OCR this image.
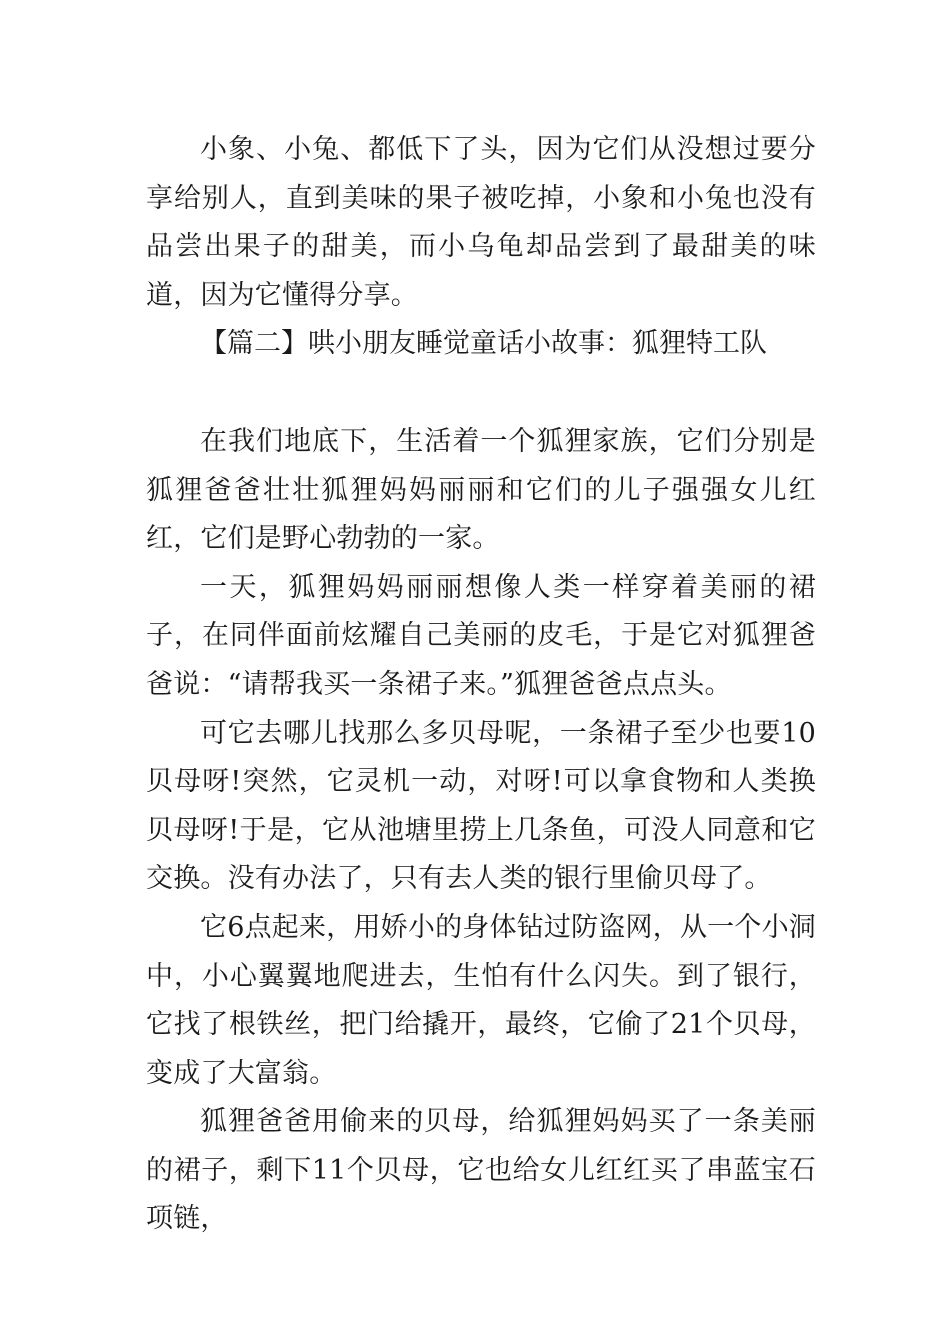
小象、小兔、都低下了头，因为它们从没想过要分享给别人，直到美味的果子被吃掉，小象和小兔也没有品尝出果子的甜美，而小乌龟却品尝到了最甜美的味道，因为它懂得分享。

【篇二】哄小朋友睡觉童话小故事：狐狸特工队

在我们地底下，生活着一个狐狸家族，它们分别是狐狸爸爸壮壮狐狸妈妈丽丽和它们的儿子强强女儿红红，它们是野心勃勃的一家。

一天，狐狸妈妈丽丽想像人类一样穿着美丽的裙子，在同伴面前炫耀自己美丽的皮毛，于是它对狐狸爸爸说：“请帮我买一条裙子来。”狐狸爸爸点点头。

可它去哪儿找那么多贝母呢，一条裙子至少也要10贝母呀!突然，它灵机一动，对呀!可以拿食物和人类换贝母呀!于是，它从池塘里捞上几条鱼，可没人同意和它交换。没有办法了，只有去人类的银行里偷贝母了。

它6点起来，用娇小的身体钻过防盗网，从一个小洞中，小心翼翼地爬进去，生怕有什么闪失。到了银行，它找了根铁丝，把门给撬开，最终，它偷了21个贝母，变成了大富翁。

狐狸爸爸用偷来的贝母，给狐狸妈妈买了一条美丽的裙子，剩下11个贝母，它也给女儿红红买了串蓝宝石项链，
